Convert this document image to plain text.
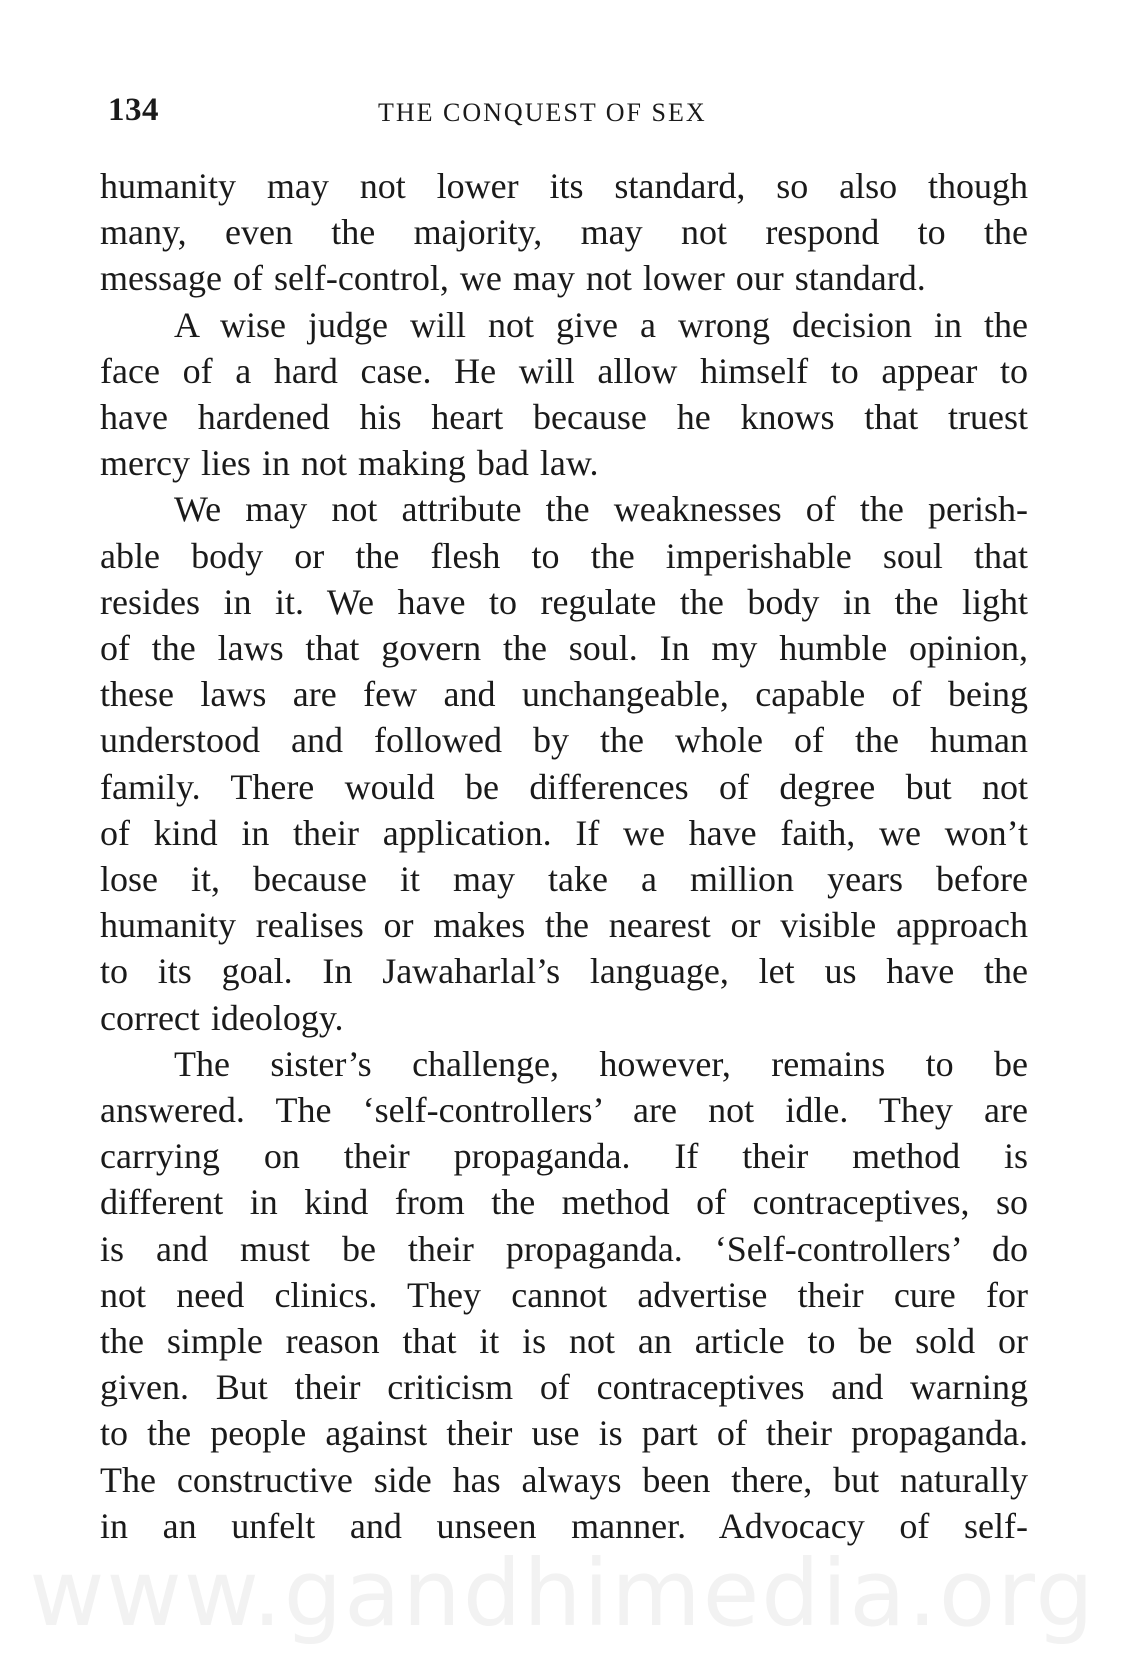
134	THE CONQUEST OF SEX
humanity may not lower its standard, so also though
many, even the majority, may not respond to the
message of self-control, we may not lower our standard.
A wise judge will not give a wrong decision in the
face of a hard case. He will allow himself to appear to
have hardened his heart because he knows that truest
mercy lies in not making bad law.
We may not attribute the weaknesses of the perish-
able body or the flesh to the imperishable soul that
resides in it. We have to regulate the body in the light
of the laws that govern the soul. In my humble opinion,
these laws are few and unchangeable, capable of being
understood and followed by the whole of the human
family. There would be differences of degree but not
of kind in their application. If we have faith, we won’t
lose it, because it may take a million years before
humanity realises or makes the nearest or visible approach
to its goal. In Jawaharlal’s language, let us have the
correct ideology.
The sister’s challenge, however, remains to be
answered. The ‘self-controllers’ are not idle. They are
carrying on their propaganda. If their method is
different in kind from the method of contraceptives, so
is and must be their propaganda. ‘Self-controllers’ do
not need clinics. They cannot advertise their cure for
the simple reason that it is not an article to be sold or
given. But their criticism of contraceptives and warning
to the people against their use is part of their propaganda.
The constructive side has always been there, but naturally
in an unfelt and unseen manner. Advocacy of self-
www.gandhimedia.org
